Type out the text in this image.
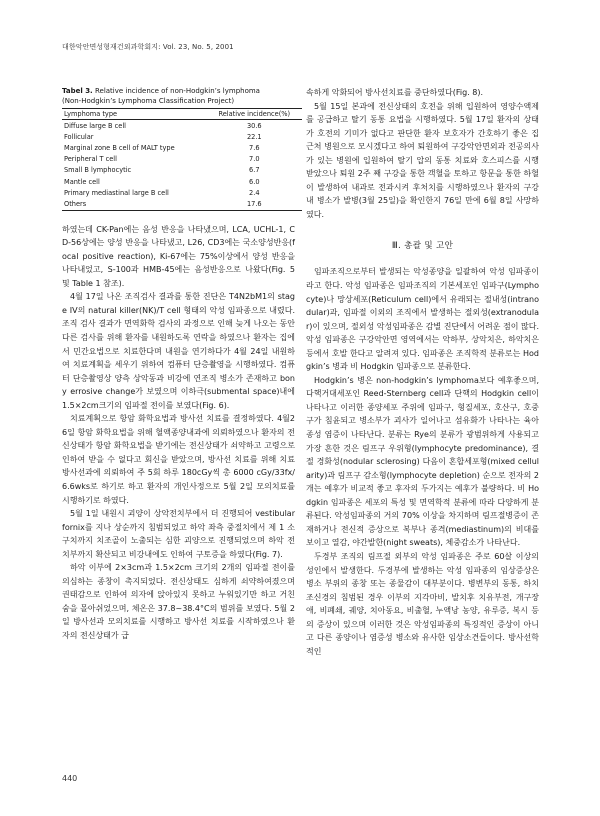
대한악안면성형재건외과학회지: Vol. 23, No. 5, 2001
Tabel 3. Relative incidence of non-Hodgkin’s lymphoma
(Non-Hodgkin’s Lymphoma Classification Project)
Lymphoma type	Relative incidence(%)
Diffuse large B cell	30.6
Follicular	22.1
Marginal zone B cell of MALT type	7.6
Peripheral T cell	7.0
Small B lymphocytic	6.7
Mantle cell	6.0
Primary mediastinal large B cell	2.4
Others	17.6

하였는데 CK-Pan에는 음성 반응을 나타냈으며, LCA, UCHL-1, CD-56상에는 양성 반응을 나타냈고, L26, CD3에는 국소양성반응(focal positive reaction), Ki-67에는 75%이상에서 양성 반응을 나타내었고, S-100과 HMB-45에는 음성반응으로 나왔다(Fig. 5 및 Table 1 참조).

4월 17일 나온 조직검사 결과를 통한 진단은 T4N2bM1의 stage IV의 natural killer(NK)/T cell 형태의 악성 임파종으로 내렸다. 조직 검사 결과가 면역화학 검사의 과정으로 인해 늦게 나오는 동안 다른 검사를 위해 환자를 내원하도록 연락을 하였으나 환자는 집에서 민간요법으로 치료한다며 내원을 연기하다가 4월 24일 내원하여 치료계획을 세우기 위하여 컴퓨터 단층촬영을 시행하였다. 컴퓨터 단층촬영상 양측 상악동과 비강에 연조직 병소가 존재하고 bony errosive change가 보였으며 이하극(submental space)내에 1.5×2cm크기의 임파절 전이를 보였다(Fig. 6).

치료계획으로 항암 화학요법과 방사선 치료를 결정하였다. 4월26일 항암 화학요법을 위해 혈액종양내과에 의뢰하였으나 환자의 전신상태가 항암 화학요법을 받기에는 전신상태가 쇠약하고 고령으로 인하여 받을 수 없다고 회신을 받았으며, 방사선 치료를 위해 치료방사선과에 의뢰하여 주 5회 하루 180cGy씩 총 6000 cGy/33fx/6.6wks로 하기로 하고 환자의 개인사정으로 5월 2일 모의치료를 시행하기로 하였다.

5월 1일 내원시 괴양이 상악전치부에서 더 진행되어 vestibular fornix를 지나 상순까지 침범되었고 하악 좌측 중절치에서 제 1 소구치까지 치조골이 노출되는 심한 괴양으로 진행되었으며 하악 전치부까지 확산되고 비강내에도 인하여 구토증을 하였다(Fig. 7).

하악 이부에 2×3cm과 1.5×2cm 크기의 2개의 임파절 전이를 의심하는 종창이 촉지되었다. 전신상태도 심하게 쇠약하여졌으며 권태감으로 인하여 의자에 앉아있지 못하고 누워있기만 하고 거친 숨을 몰아쉬었으며, 체온은 37.8~38.4°C의 범위를 보였다. 5월 2일 방사선과 모의치료를 시행하고 방사선 치료를 시작하였으나 환자의 전신상태가 급

속하게 악화되어 방사선치료를 중단하였다(Fig. 8).

5월 15일 본과에 전신상태의 호전을 위해 입원하여 영양수액제를 공급하고 탈기 동통 요법을 시행하였다. 5월 17일 환자의 상태가 호전의 기미가 없다고 판단한 환자 보호자가 간호하기 좋은 집 근처 병원으로 모시겠다고 하여 퇴원하여 구강악안면외과 전공의사가 있는 병원에 입원하여 탈기 압의 동통 치료와 호스피스를 시행 받았으나 퇴원 2주 째 구강을 통한 객혈을 토하고 항문을 통한 하혈이 발생하여 내과로 전과시켜 후처치를 시행하였으나 환자의 구강내 병소가 발병(3월 25일)을 확인한지 76일 만에 6월 8일 사망하였다.

Ⅲ. 총괄 및 고안

임파조직으로부터 발생되는 악성종양을 일괄하여 악성 임파종이라고 한다. 악성 임파종은 임파조직의 기본세포인 임파구(Lymphocyte)나 망상세포(Reticulum cell)에서 유래되는 절내성(intranodular)과, 임파절 이외의 조직에서 발생하는 절외성(extranodular)이 있으며, 절외성 악성임파종은 감별 진단에서 어려운 점이 많다. 악성 임파종은 구강악안면 영역에서는 악하부, 상악치은, 하악치은 등에서 호발 한다고 알려져 있다. 임파종은 조직학적 분류로는 Hodgkin’s 병과 비 Hodgkin 임파종으로 분류한다.

Hodgkin’s 병은 non-hodgkin’s lymphoma보다 예후좋으며, 다핵거대세포인 Reed-Sternberg cell과 단핵의 Hodgkin cell이 나타나고 이러한 종양세포 주위에 임파구, 형질세포, 호산구, 호중구가 침윤되고 병소부가 괴사가 일어나고 섬유화가 나타나는 육아종성 염증이 나타난다. 분류는 Rye의 분류가 광범위하게 사용되고 가장 흔한 것은 림프구 우위형(lymphocyte predominance), 결절 경화성(nodular sclerosing) 다음이 혼합세포형(mixed cellularity)과 림프구 감소형(lymphocyte depletion) 순으로 전자의 2개는 예후가 비교적 좋고 후자의 두가지는 예후가 불량하다. 비 Hodgkin 임파종은 세포의 특성 및 면역학적 분류에 따라 다양하게 분류된다. 악성임파종의 거의 70% 이상을 차지하며 림프절병증이 존재하거나 전신적 증상으로 복부나 종격(mediastinum)의 비대를 보이고 열감, 야간발한(night sweats), 체중감소가 나타난다.

두경부 조직의 림프절 외부의 악성 임파종은 주로 60살 이상의 성인에서 발생한다. 두경부에 발생하는 악성 임파종의 임상증상은 병소 부위의 종창 또는 종물감이 대부분이다. 병변부의 동통, 하치조신경의 침범된 경우 이부의 지각마비, 발치후 치유부전, 개구장애, 비폐쇄, 궤양, 치아동요, 비출혈, 누액낭 농양, 유루증, 복시 등의 증상이 있으며 이러한 것은 악성임파종의 특징적인 증상이 아니고 다른 종양이나 염증성 병소와 유사한 임상소견들이다. 방사선학적인

440
